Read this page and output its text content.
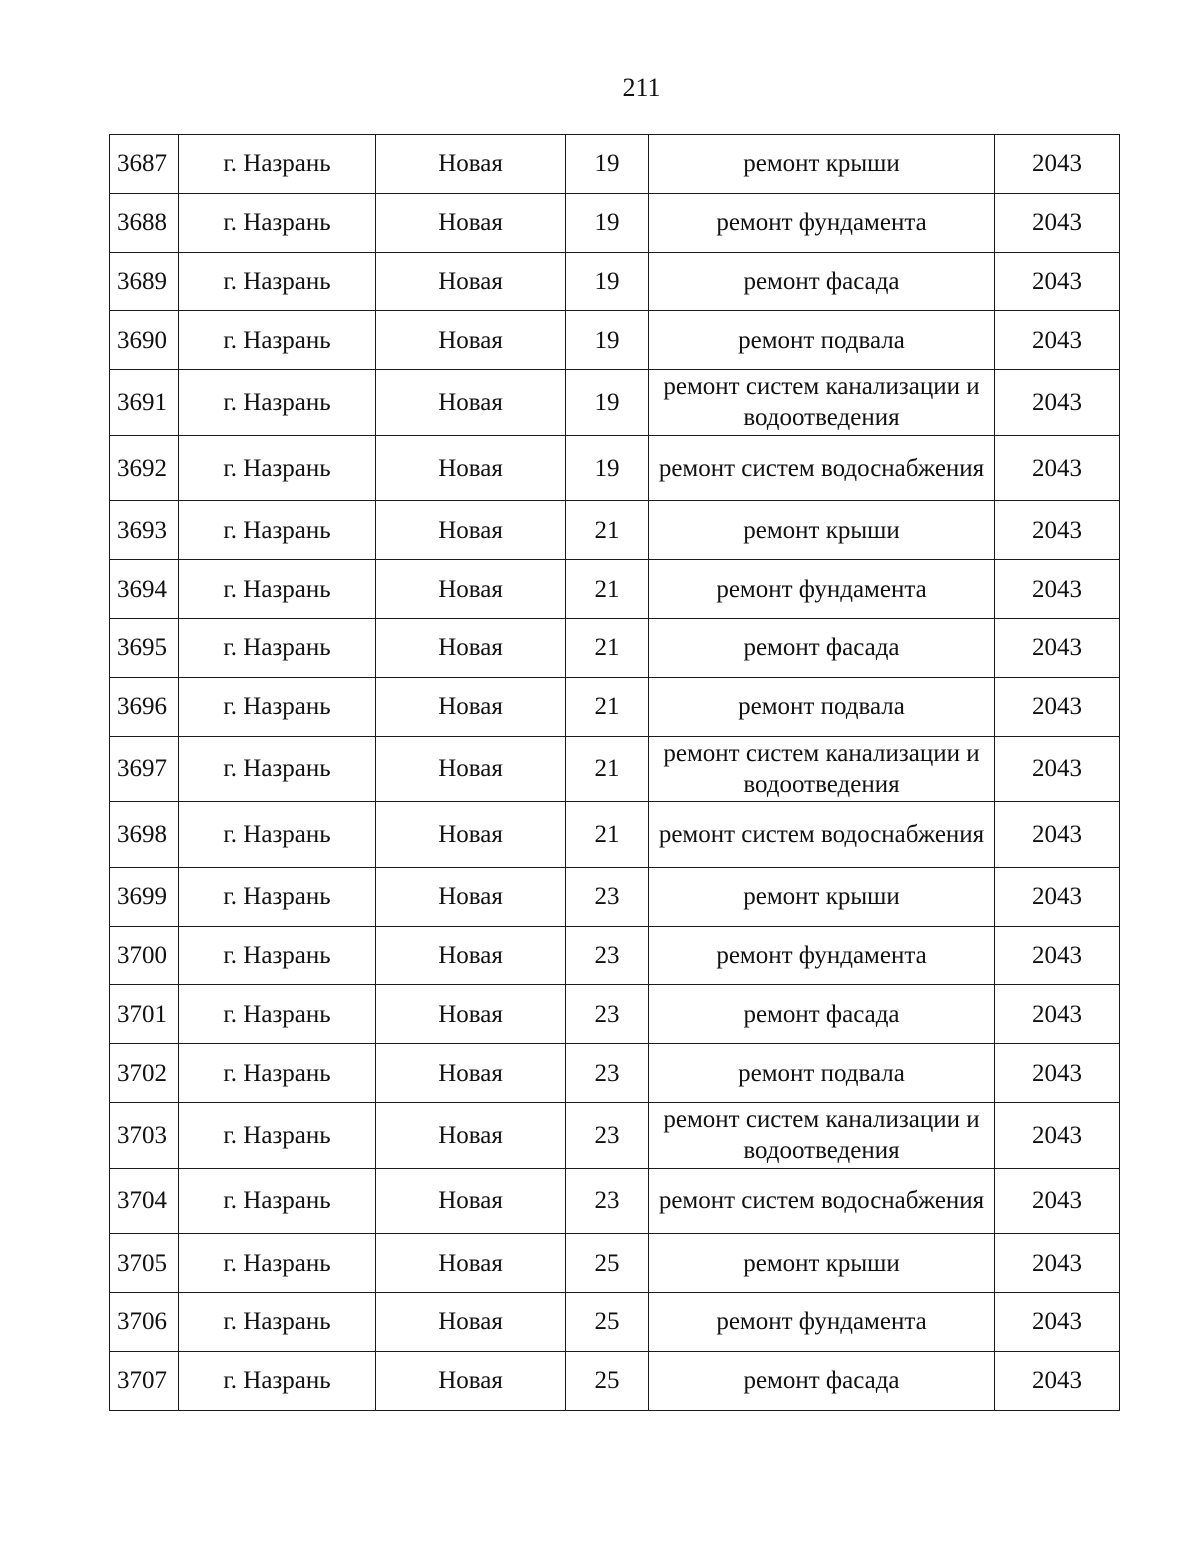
211
3687	г. Назрань	Новая	19	ремонт крыши	2043
3688	г. Назрань	Новая	19	ремонт фундамента	2043
3689	г. Назрань	Новая	19	ремонт фасада	2043
3690	г. Назрань	Новая	19	ремонт подвала	2043
3691	г. Назрань	Новая	19	ремонт систем канализации и водоотведения	2043
3692	г. Назрань	Новая	19	ремонт систем водоснабжения	2043
3693	г. Назрань	Новая	21	ремонт крыши	2043
3694	г. Назрань	Новая	21	ремонт фундамента	2043
3695	г. Назрань	Новая	21	ремонт фасада	2043
3696	г. Назрань	Новая	21	ремонт подвала	2043
3697	г. Назрань	Новая	21	ремонт систем канализации и водоотведения	2043
3698	г. Назрань	Новая	21	ремонт систем водоснабжения	2043
3699	г. Назрань	Новая	23	ремонт крыши	2043
3700	г. Назрань	Новая	23	ремонт фундамента	2043
3701	г. Назрань	Новая	23	ремонт фасада	2043
3702	г. Назрань	Новая	23	ремонт подвала	2043
3703	г. Назрань	Новая	23	ремонт систем канализации и водоотведения	2043
3704	г. Назрань	Новая	23	ремонт систем водоснабжения	2043
3705	г. Назрань	Новая	25	ремонт крыши	2043
3706	г. Назрань	Новая	25	ремонт фундамента	2043
3707	г. Назрань	Новая	25	ремонт фасада	2043
